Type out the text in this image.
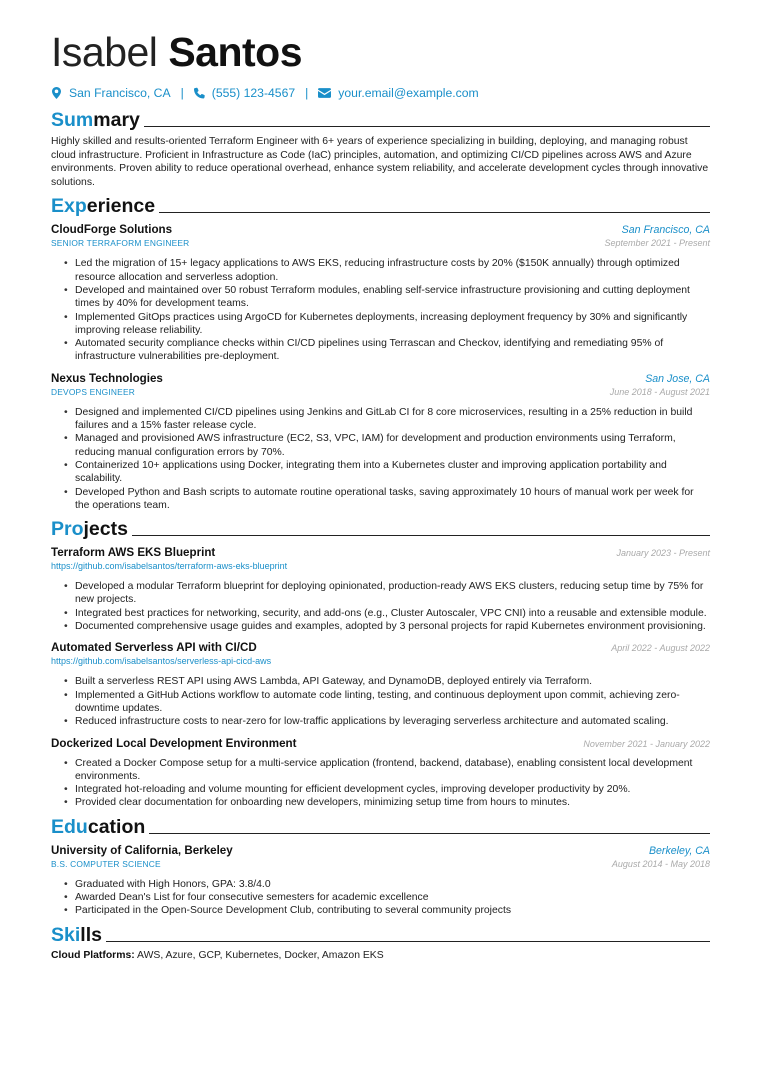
Isabel Santos
San Francisco, CA | (555) 123-4567 | your.email@example.com
Sum mary
Highly skilled and results-oriented Terraform Engineer with 6+ years of experience specializing in building, deploying, and managing robust cloud infrastructure. Proficient in Infrastructure as Code (IaC) principles, automation, and optimizing CI/CD pipelines across AWS and Azure environments. Proven ability to reduce operational overhead, enhance system reliability, and accelerate development cycles through innovative solutions.
Exp erience
CloudForge Solutions	San Francisco, CA
SENIOR TERRAFORM ENGINEER	September 2021 - Present
• Led the migration of 15+ legacy applications to AWS EKS, reducing infrastructure costs by 20% ($150K annually) through optimized resource allocation and serverless adoption.
• Developed and maintained over 50 robust Terraform modules, enabling self-service infrastructure provisioning and cutting deployment times by 40% for development teams.
• Implemented GitOps practices using ArgoCD for Kubernetes deployments, increasing deployment frequency by 30% and significantly improving release reliability.
• Automated security compliance checks within CI/CD pipelines using Terrascan and Checkov, identifying and remediating 95% of infrastructure vulnerabilities pre-deployment.
Nexus Technologies	San Jose, CA
DEVOPS ENGINEER	June 2018 - August 2021
• Designed and implemented CI/CD pipelines using Jenkins and GitLab CI for 8 core microservices, resulting in a 25% reduction in build failures and a 15% faster release cycle.
• Managed and provisioned AWS infrastructure (EC2, S3, VPC, IAM) for development and production environments using Terraform, reducing manual configuration errors by 70%.
• Containerized 10+ applications using Docker, integrating them into a Kubernetes cluster and improving application portability and scalability.
• Developed Python and Bash scripts to automate routine operational tasks, saving approximately 10 hours of manual work per week for the operations team.
Pro jects
Terraform AWS EKS Blueprint	January 2023 - Present
https://github.com/isabelsantos/terraform-aws-eks-blueprint
• Developed a modular Terraform blueprint for deploying opinionated, production-ready AWS EKS clusters, reducing setup time by 75% for new projects.
• Integrated best practices for networking, security, and add-ons (e.g., Cluster Autoscaler, VPC CNI) into a reusable and extensible module.
• Documented comprehensive usage guides and examples, adopted by 3 personal projects for rapid Kubernetes environment provisioning.
Automated Serverless API with CI/CD	April 2022 - August 2022
https://github.com/isabelsantos/serverless-api-cicd-aws
• Built a serverless REST API using AWS Lambda, API Gateway, and DynamoDB, deployed entirely via Terraform.
• Implemented a GitHub Actions workflow to automate code linting, testing, and continuous deployment upon commit, achieving zero-downtime updates.
• Reduced infrastructure costs to near-zero for low-traffic applications by leveraging serverless architecture and automated scaling.
Dockerized Local Development Environment	November 2021 - January 2022
• Created a Docker Compose setup for a multi-service application (frontend, backend, database), enabling consistent local development environments.
• Integrated hot-reloading and volume mounting for efficient development cycles, improving developer productivity by 20%.
• Provided clear documentation for onboarding new developers, minimizing setup time from hours to minutes.
Edu cation
University of California, Berkeley	Berkeley, CA
B.S. COMPUTER SCIENCE	August 2014 - May 2018
• Graduated with High Honors, GPA: 3.8/4.0
• Awarded Dean's List for four consecutive semesters for academic excellence
• Participated in the Open-Source Development Club, contributing to several community projects
Ski lls
Cloud Platforms: AWS, Azure, GCP, Kubernetes, Docker, Amazon EKS
